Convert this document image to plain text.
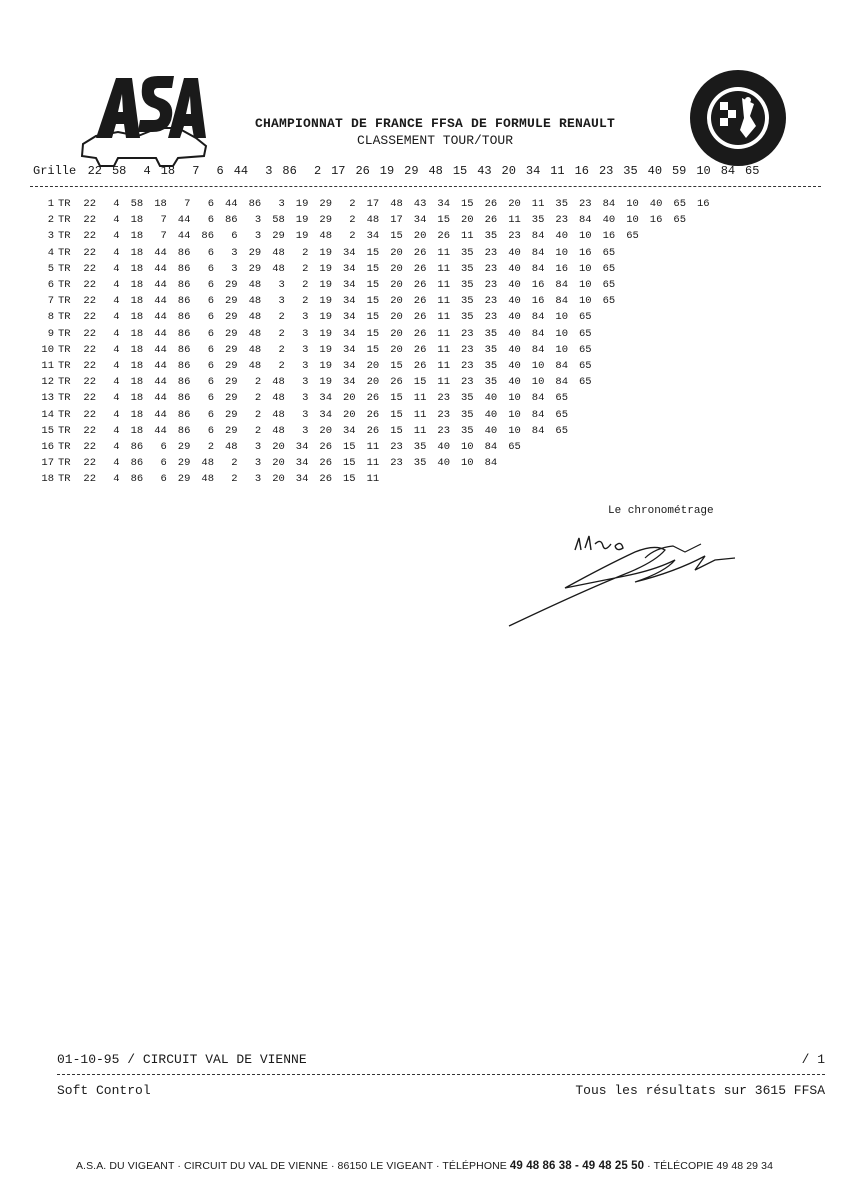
CHAMPIONNAT DE FRANCE FFSA DE FORMULE RENAULT
CLASSEMENT TOUR/TOUR
Grille 22 58	4 18	7	6 44	3 86	2 17 26 19 29 48 15 43 20 34 11 16 23 35 40 59 10 84 65
1 TR	22	4	58	18	7	6	44	86	3	19	29	2	17	48	43	34	15	26	20	11	35	23	84	10	40	65	16
2 TR	22	4	18	7	44	6	86	3	58	19	29	2	48	17	34	15	20	26	11	35	23	84	40	10	16	65
3 TR	22	4	18	7	44	86	6	3	29	19	48	2	34	15	20	26	11	35	23	84	40	10	16	65
4 TR	22	4	18	44	86	6	3	29	48	2	19	34	15	20	26	11	35	23	40	84	10	16	65
5 TR	22	4	18	44	86	6	3	29	48	2	19	34	15	20	26	11	35	23	40	84	16	10	65
6 TR	22	4	18	44	86	6	29	48	3	2	19	34	15	20	26	11	35	23	40	16	84	10	65
7 TR	22	4	18	44	86	6	29	48	3	2	19	34	15	20	26	11	35	23	40	16	84	10	65
8 TR	22	4	18	44	86	6	29	48	2	3	19	34	15	20	26	11	35	23	40	84	10	65
9 TR	22	4	18	44	86	6	29	48	2	3	19	34	15	20	26	11	23	35	40	84	10	65
10 TR	22	4	18	44	86	6	29	48	2	3	19	34	15	20	26	11	23	35	40	84	10	65
11 TR	22	4	18	44	86	6	29	48	2	3	19	34	20	15	26	11	23	35	40	10	84	65
12 TR	22	4	18	44	86	6	29	2	48	3	19	34	20	26	15	11	23	35	40	10	84	65
13 TR	22	4	18	44	86	6	29	2	48	3	34	20	26	15	11	23	35	40	10	84	65
14 TR	22	4	18	44	86	6	29	2	48	3	34	20	26	15	11	23	35	40	10	84	65
15 TR	22	4	18	44	86	6	29	2	48	3	20	34	26	15	11	23	35	40	10	84	65
16 TR	22	4	86	6	29	2	48	3	20	34	26	15	11	23	35	40	10	84	65
17 TR	22	4	86	6	29	48	2	3	20	34	26	15	11	23	35	40	10	84
18 TR	22	4	86	6	29	48	2	3	20	34	26	15	11
Le chronométrage
01-10-95 / CIRCUIT VAL DE VIENNE	/ 1
Soft Control	Tous les résultats sur 3615 FFSA
A.S.A. DU VIGEANT · CIRCUIT DU VAL DE VIENNE · 86150 LE VIGEANT · TÉLÉPHONE 49 48 86 38 - 49 48 25 50 · TÉLÉCOPIE 49 48 29 34
